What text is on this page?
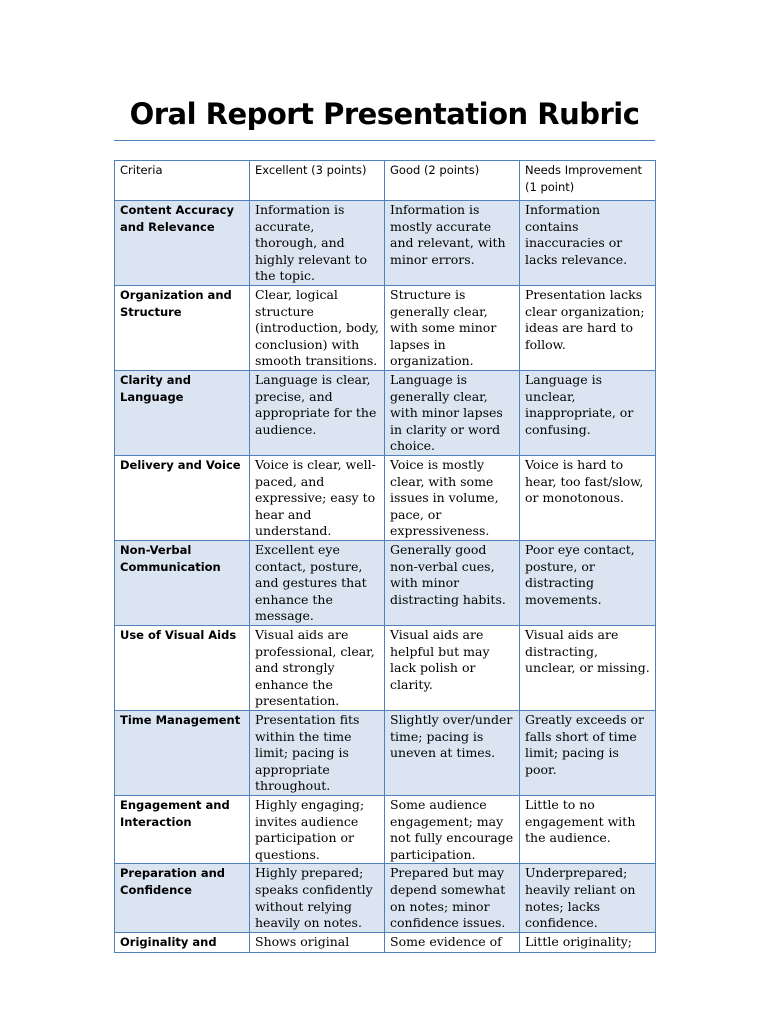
Oral Report Presentation Rubric
Criteria	Excellent (3 points)	Good (2 points)	Needs Improvement (1 point)
Content Accuracy and Relevance	Information is accurate, thorough, and highly relevant to the topic.	Information is mostly accurate and relevant, with minor errors.	Information contains inaccuracies or lacks relevance.
Organization and Structure	Clear, logical structure (introduction, body, conclusion) with smooth transitions.	Structure is generally clear, with some minor lapses in organization.	Presentation lacks clear organization; ideas are hard to follow.
Clarity and Language	Language is clear, precise, and appropriate for the audience.	Language is generally clear, with minor lapses in clarity or word choice.	Language is unclear, inappropriate, or confusing.
Delivery and Voice	Voice is clear, well-paced, and expressive; easy to hear and understand.	Voice is mostly clear, with some issues in volume, pace, or expressiveness.	Voice is hard to hear, too fast/slow, or monotonous.
Non-Verbal Communication	Excellent eye contact, posture, and gestures that enhance the message.	Generally good non-verbal cues, with minor distracting habits.	Poor eye contact, posture, or distracting movements.
Use of Visual Aids	Visual aids are professional, clear, and strongly enhance the presentation.	Visual aids are helpful but may lack polish or clarity.	Visual aids are distracting, unclear, or missing.
Time Management	Presentation fits within the time limit; pacing is appropriate throughout.	Slightly over/under time; pacing is uneven at times.	Greatly exceeds or falls short of time limit; pacing is poor.
Engagement and Interaction	Highly engaging; invites audience participation or questions.	Some audience engagement; may not fully encourage participation.	Little to no engagement with the audience.
Preparation and Confidence	Highly prepared; speaks confidently without relying heavily on notes.	Prepared but may depend somewhat on notes; minor confidence issues.	Underprepared; heavily reliant on notes; lacks confidence.
Originality and	Shows original	Some evidence of	Little originality;
